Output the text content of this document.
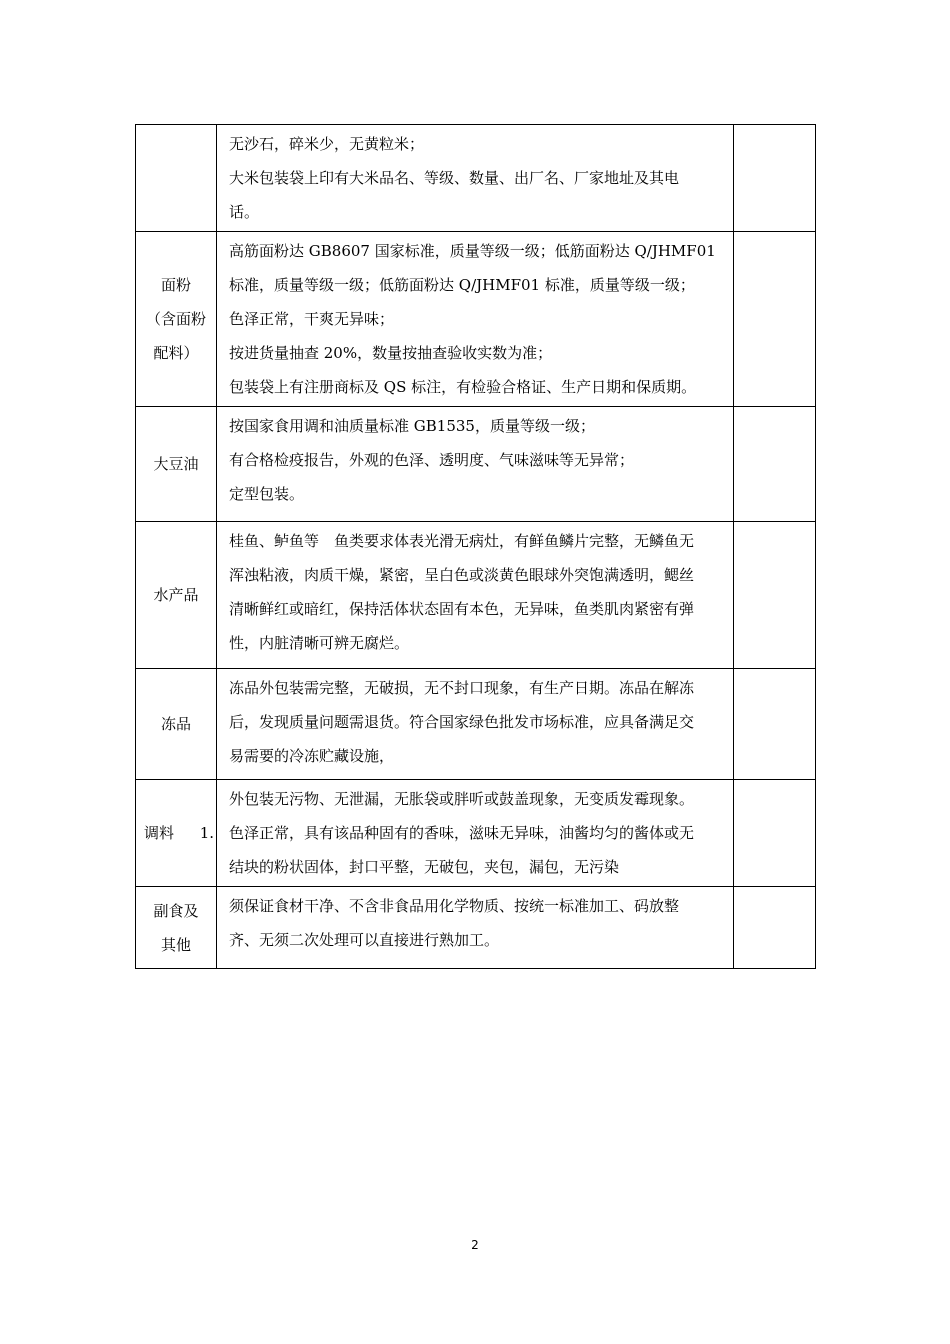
	无沙石，碎米少，无黄粒米；
大米包装袋上印有大米品名、等级、数量、出厂名、厂家地址及其电
话。	

面粉
（含面粉
配料）	高筋面粉达 GB8607 国家标准，质量等级一级；低筋面粉达 Q/JHMF01
标准，质量等级一级；低筋面粉达 Q/JHMF01 标准，质量等级一级；
色泽正常，干爽无异味；
按进货量抽查 20%，数量按抽查验收实数为准；
包装袋上有注册商标及 QS 标注，有检验合格证、生产日期和保质期。	

大豆油	按国家食用调和油质量标准 GB1535，质量等级一级；
有合格检疫报告，外观的色泽、透明度、气味滋味等无异常；
定型包装。	

水产品	桂鱼、鲈鱼等　鱼类要求体表光滑无病灶，有鲜鱼鳞片完整，无鳞鱼无
浑浊粘液，肉质干燥，紧密，呈白色或淡黄色眼球外突饱满透明，鳃丝
清晰鲜红或暗红，保持活体状态固有本色，无异味，鱼类肌肉紧密有弹
性，内脏清晰可辨无腐烂。	

冻品	冻品外包装需完整，无破损，无不封口现象，有生产日期。冻品在解冻
后，发现质量问题需退货。符合国家绿色批发市场标准，应具备满足交
易需要的冷冻贮藏设施，	

调料 1.	外包装无污物、无泄漏，无胀袋或胖听或鼓盖现象，无变质发霉现象。
色泽正常，具有该品种固有的香味，滋味无异味，油酱均匀的酱体或无
结块的粉状固体，封口平整，无破包，夹包，漏包，无污染	

副食及
其他	须保证食材干净、不含非食品用化学物质、按统一标准加工、码放整
齐、无须二次处理可以直接进行熟加工。	

2
